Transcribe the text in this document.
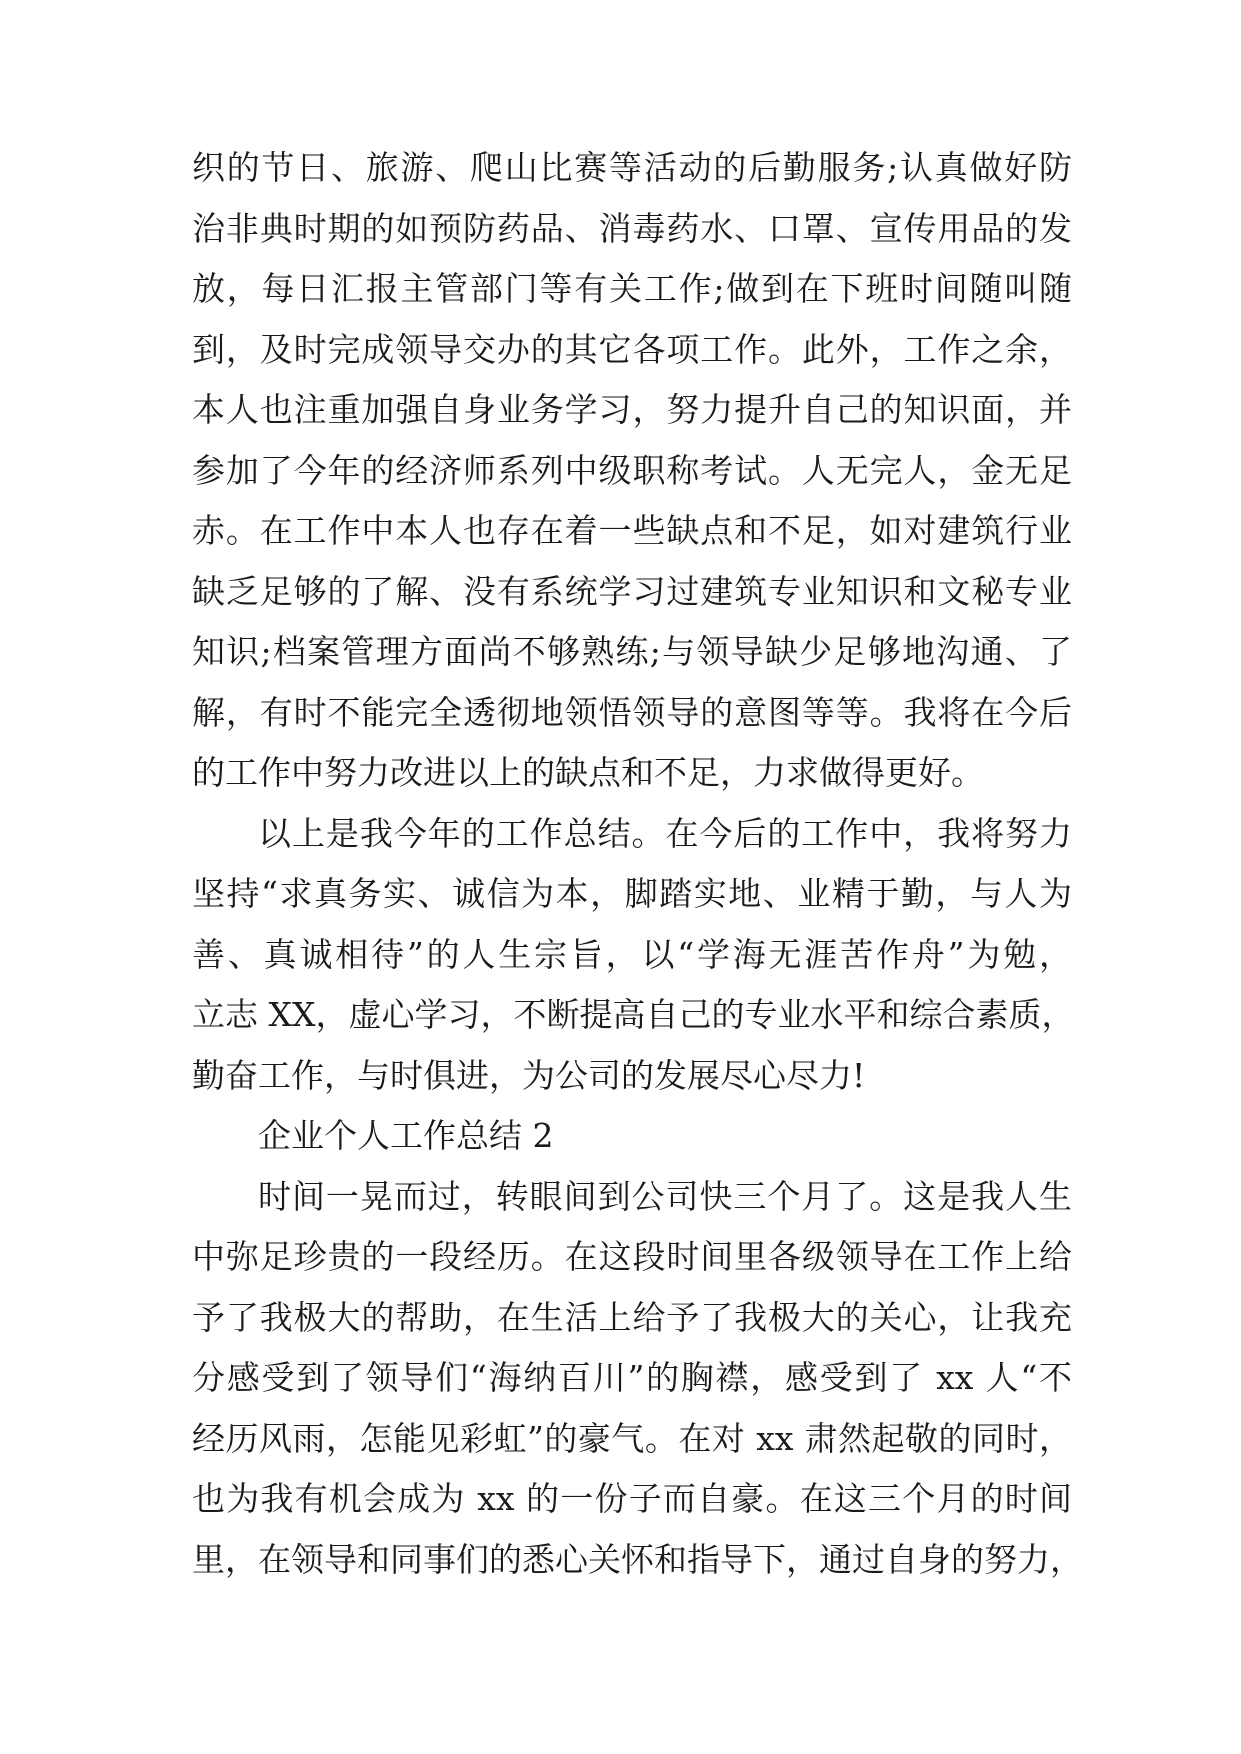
织的节日、旅游、爬山比赛等活动的后勤服务;认真做好防
治非典时期的如预防药品、消毒药水、口罩、宣传用品的发
放，每日汇报主管部门等有关工作;做到在下班时间随叫随
到，及时完成领导交办的其它各项工作。此外，工作之余，
本人也注重加强自身业务学习，努力提升自己的知识面，并
参加了今年的经济师系列中级职称考试。人无完人，金无足
赤。在工作中本人也存在着一些缺点和不足，如对建筑行业
缺乏足够的了解、没有系统学习过建筑专业知识和文秘专业
知识;档案管理方面尚不够熟练;与领导缺少足够地沟通、了
解，有时不能完全透彻地领悟领导的意图等等。我将在今后
的工作中努力改进以上的缺点和不足，力求做得更好。
以上是我今年的工作总结。在今后的工作中，我将努力
坚持“求真务实、诚信为本，脚踏实地、业精于勤，与人为
善、真诚相待”的人生宗旨，以“学海无涯苦作舟”为勉，
立志 XX，虚心学习，不断提高自己的专业水平和综合素质，
勤奋工作，与时俱进，为公司的发展尽心尽力!
企业个人工作总结 2
时间一晃而过，转眼间到公司快三个月了。这是我人生
中弥足珍贵的一段经历。在这段时间里各级领导在工作上给
予了我极大的帮助，在生活上给予了我极大的关心，让我充
分感受到了领导们“海纳百川”的胸襟，感受到了 xx 人“不
经历风雨，怎能见彩虹”的豪气。在对 xx 肃然起敬的同时，
也为我有机会成为 xx 的一份子而自豪。在这三个月的时间
里，在领导和同事们的悉心关怀和指导下，通过自身的努力，
